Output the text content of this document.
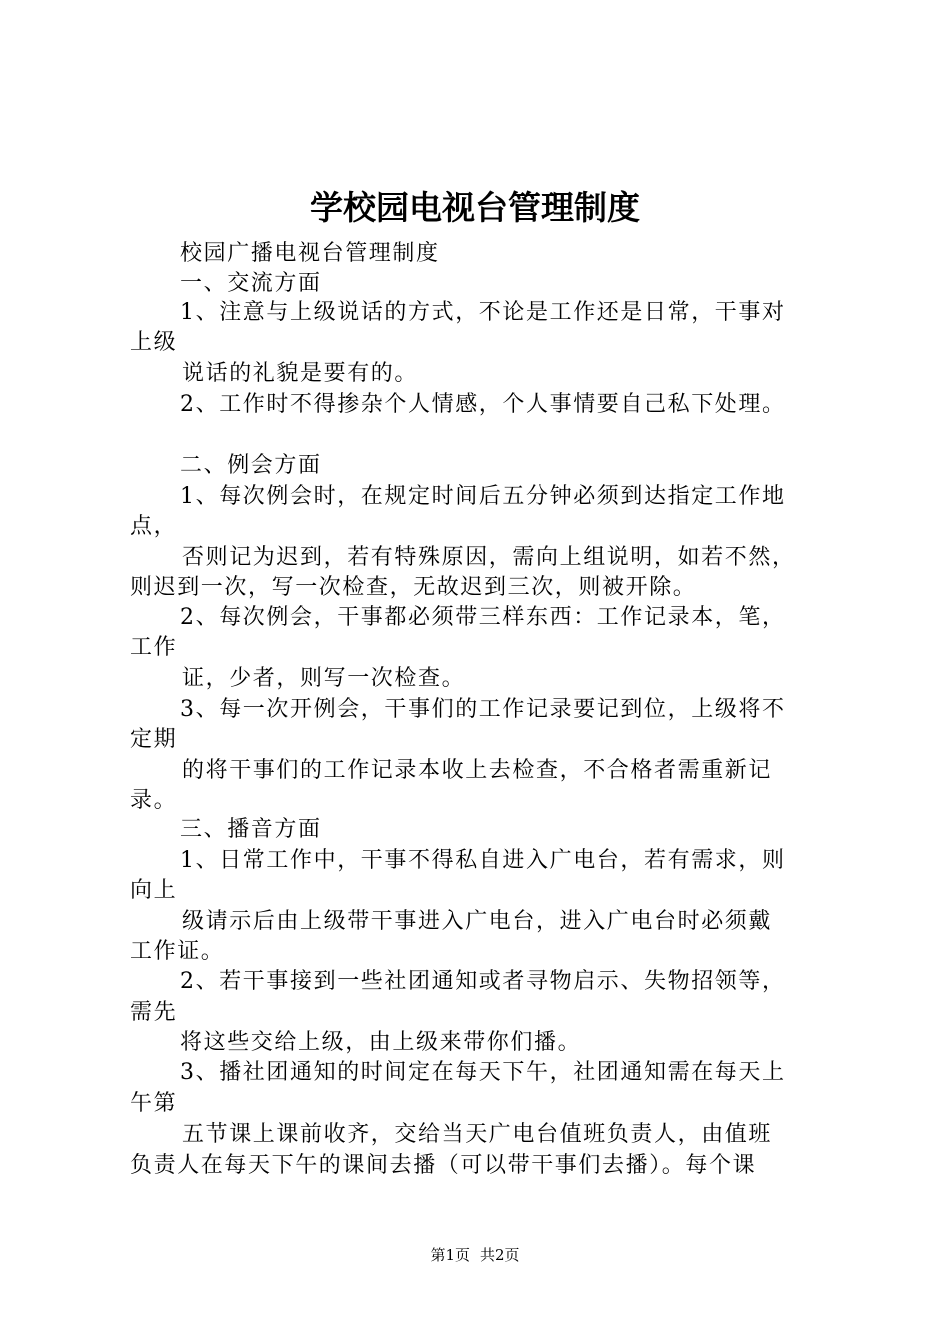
学校园电视台管理制度
校园广播电视台管理制度
一、交流方面
1、注意与上级说话的方式，不论是工作还是日常，干事对
上级
说话的礼貌是要有的。
2、工作时不得掺杂个人情感，个人事情要自己私下处理。
二、例会方面
1、每次例会时，在规定时间后五分钟必须到达指定工作地
点，
否则记为迟到，若有特殊原因，需向上组说明，如若不然，
则迟到一次，写一次检查，无故迟到三次，则被开除。
2、每次例会，干事都必须带三样东西：工作记录本，笔，
工作
证，少者，则写一次检查。
3、每一次开例会，干事们的工作记录要记到位，上级将不
定期
的将干事们的工作记录本收上去检查，不合格者需重新记
录。
三、播音方面
1、日常工作中，干事不得私自进入广电台，若有需求，则
向上
级请示后由上级带干事进入广电台，进入广电台时必须戴
工作证。
2、若干事接到一些社团通知或者寻物启示、失物招领等，
需先
将这些交给上级，由上级来带你们播。
3、播社团通知的时间定在每天下午，社团通知需在每天上
午第
五节课上课前收齐，交给当天广电台值班负责人，由值班
负责人在每天下午的课间去播（可以带干事们去播）。每个课
第1页 共2页
